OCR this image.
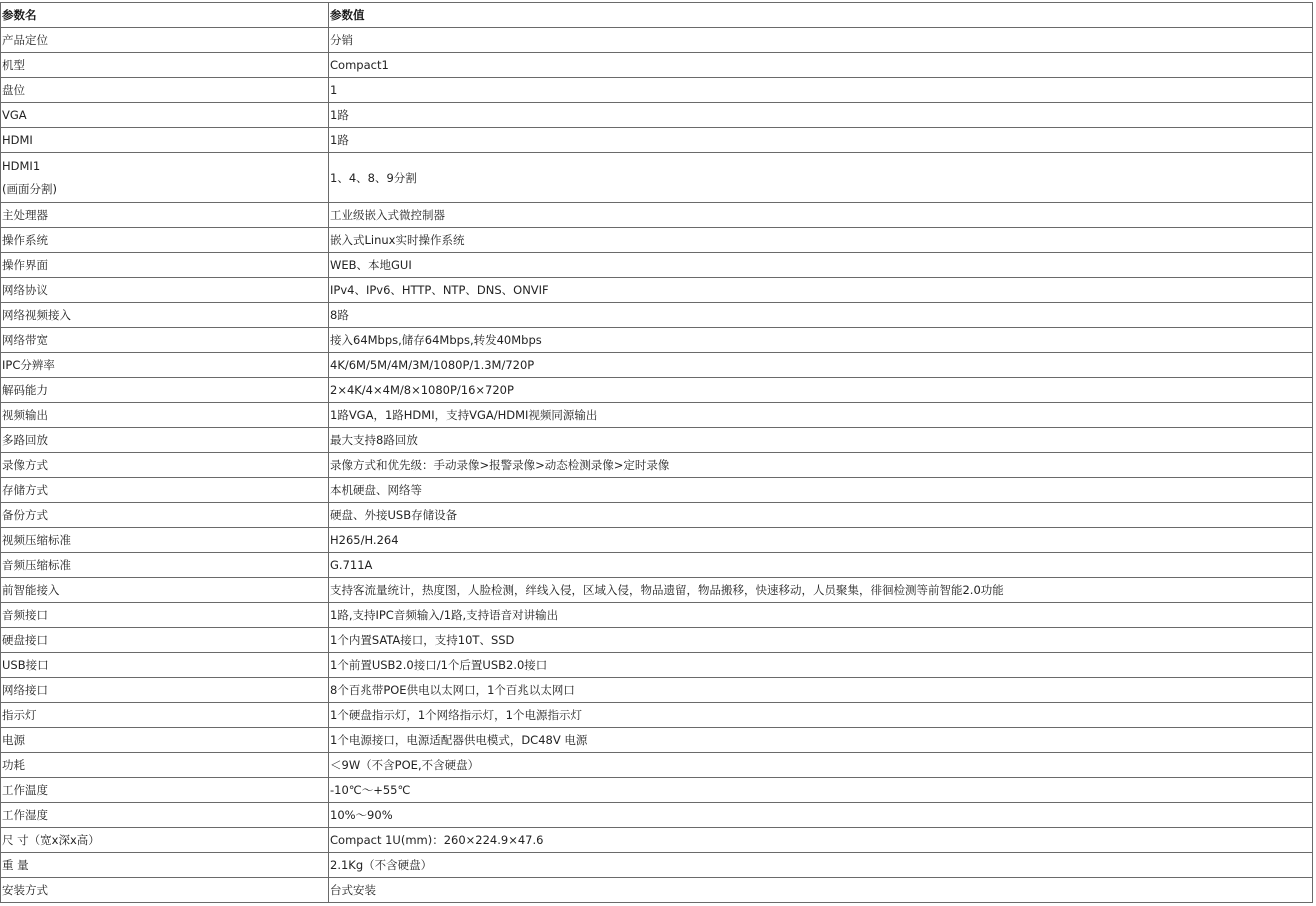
参数名	参数值
产品定位	分销
机型	Compact1
盘位	1
VGA	1路
HDMI	1路
HDMI1
(画面分割)	1、4、8、9分割
主处理器	工业级嵌入式微控制器
操作系统	嵌入式Linux实时操作系统
操作界面	WEB、本地GUI
网络协议	IPv4、IPv6、HTTP、NTP、DNS、ONVIF
网络视频接入	8路
网络带宽	接入64Mbps,储存64Mbps,转发40Mbps
IPC分辨率	4K/6M/5M/4M/3M/1080P/1.3M/720P
解码能力	2×4K/4×4M/8×1080P/16×720P
视频输出	1路VGA，1路HDMI，支持VGA/HDMI视频同源输出
多路回放	最大支持8路回放
录像方式	录像方式和优先级：手动录像>报警录像>动态检测录像>定时录像
存储方式	本机硬盘、网络等
备份方式	硬盘、外接USB存储设备
视频压缩标准	H265/H.264
音频压缩标准	G.711A
前智能接入	支持客流量统计，热度图，人脸检测，绊线入侵，区域入侵，物品遗留，物品搬移，快速移动，人员聚集，徘徊检测等前智能2.0功能
音频接口	1路,支持IPC音频输入/1路,支持语音对讲输出
硬盘接口	1个内置SATA接口，支持10T、SSD
USB接口	1个前置USB2.0接口/1个后置USB2.0接口
网络接口	8个百兆带POE供电以太网口，1个百兆以太网口
指示灯	1个硬盘指示灯，1个网络指示灯，1个电源指示灯
电源	1个电源接口，电源适配器供电模式，DC48V 电源
功耗	＜9W（不含POE,不含硬盘）
工作温度	-10℃～+55℃
工作湿度	10%～90%
尺 寸（宽x深x高）	Compact 1U(mm)：260×224.9×47.6
重 量	2.1Kg（不含硬盘）
安装方式	台式安装
